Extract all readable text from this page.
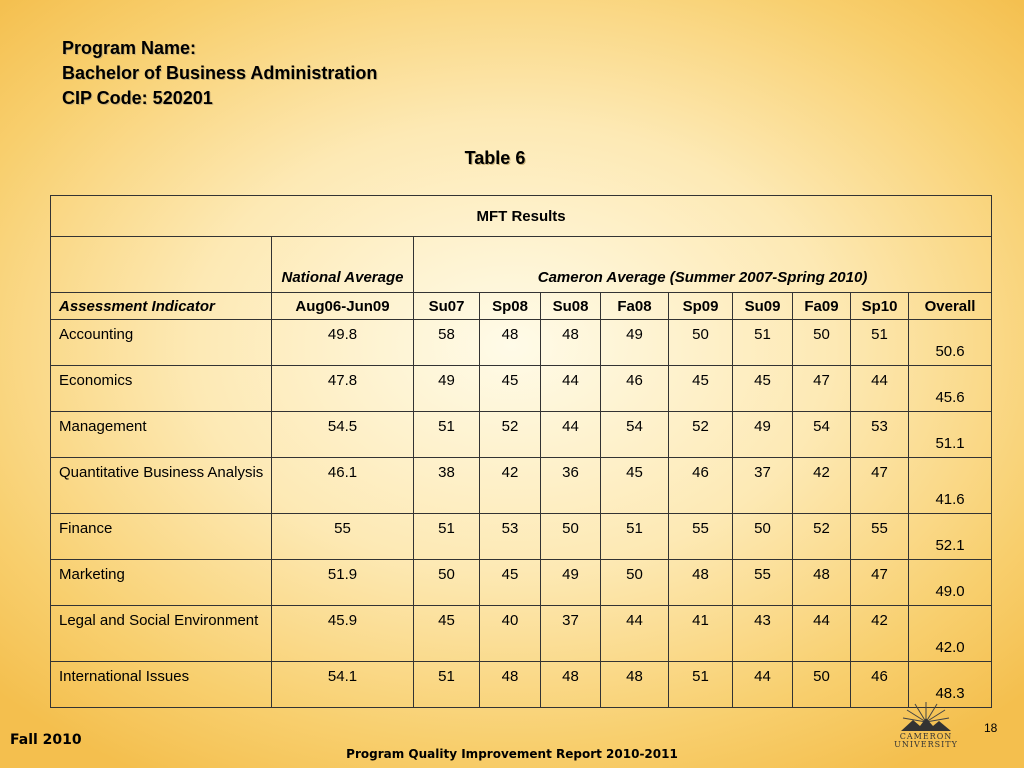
Program Name:
Bachelor of Business Administration
CIP Code: 520201
Table 6
MFT Results										
	National Average	Cameron Average (Summer 2007-Spring 2010)								
Assessment Indicator	Aug06-Jun09	Su07	Sp08	Su08	Fa08	Sp09	Su09	Fa09	Sp10	Overall
Accounting	49.8	58	48	48	49	50	51	50	51	50.6
Economics	47.8	49	45	44	46	45	45	47	44	45.6
Management	54.5	51	52	44	54	52	49	54	53	51.1
Quantitative Business Analysis	46.1	38	42	36	45	46	37	42	47	41.6
Finance	55	51	53	50	51	55	50	52	55	52.1
Marketing	51.9	50	45	49	50	48	55	48	47	49.0
Legal and Social Environment	45.9	45	40	37	44	41	43	44	42	42.0
International Issues	54.1	51	48	48	48	51	44	50	46	48.3
Fall 2010
Program Quality Improvement Report 2010-2011
18
CAMERON
UNIVERSITY
